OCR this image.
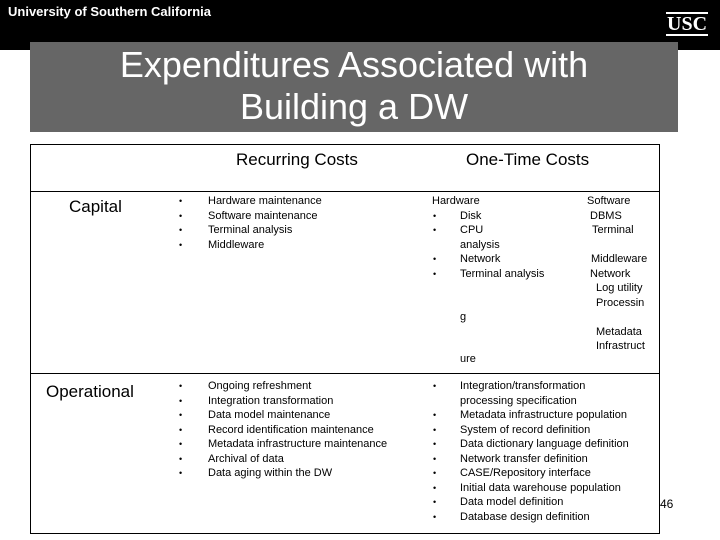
University of Southern California
USC
Expenditures Associated with
Building a DW
Recurring Costs	One-Time Costs
Capital
Operational
• Hardware maintenance
• Software maintenance
• Terminal analysis
• Middleware
Hardware
• Disk
• CPU
analysis
• Network
• Terminal analysis
g
ure
Software
DBMS
Terminal
Middleware
Network
Log utility
Processin
Metadata
Infrastruct
• Ongoing refreshment
• Integration transformation
• Data model maintenance
• Record identification maintenance
• Metadata infrastructure maintenance
• Archival of data
• Data aging within the DW
• Integration/transformation
processing specification
• Metadata infrastructure population
• System of record definition
• Data dictionary language definition
• Network transfer definition
• CASE/Repository interface
• Initial data warehouse population
• Data model definition
• Database design definition
46
